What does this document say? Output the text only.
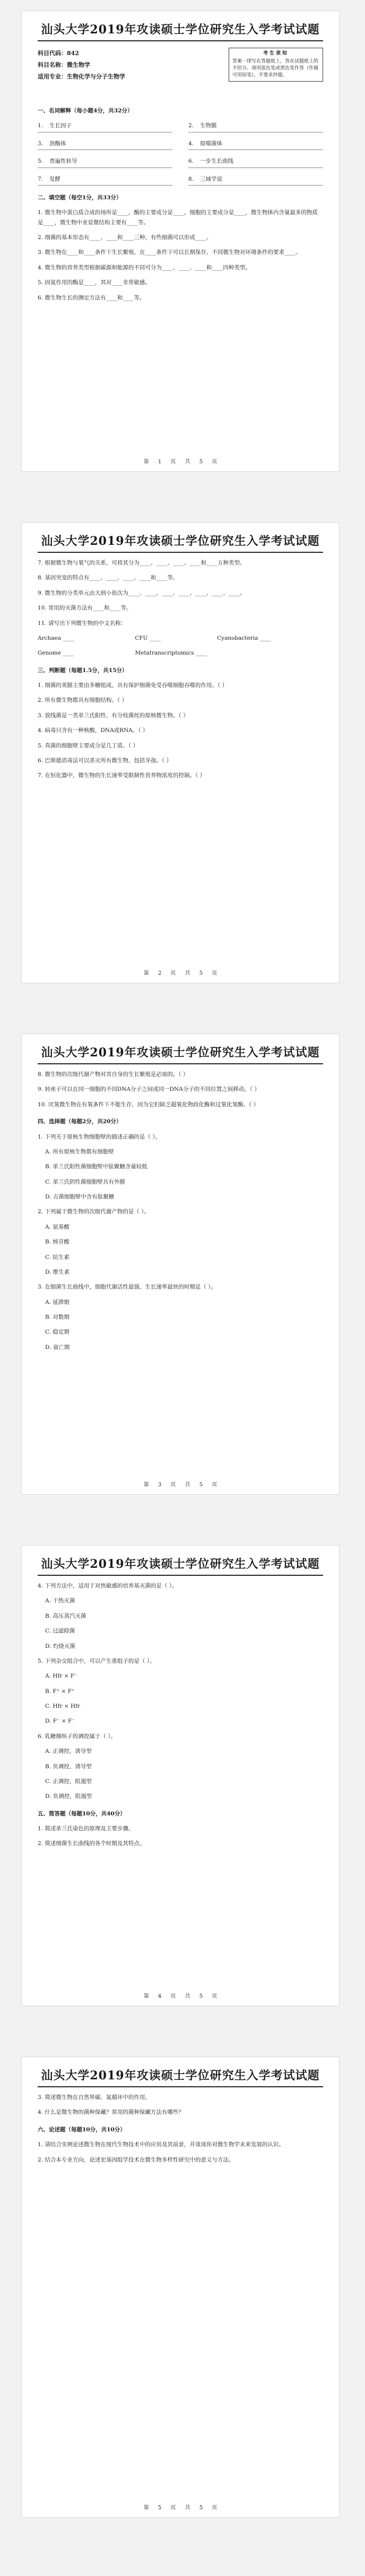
汕头大学2019年攻读硕士学位研究生入学考试试题
科目代码：842
科目名称：微生物学
适用专业：生物化学与分子生物学
考生须知
答案一律写在答题纸上，答在试题纸上的不给分。请用蓝色笔或黑色笔作答（作图可用铅笔），不要求抄题。
一、名词解释（每小题4分，共32分）
1. 生长因子	2. 生物膜
3. 溶酶体	4. 原噬菌体
5. 普遍性转导	6. 一步生长曲线
7. 发酵	8. 三域学说
二、填空题（每空1分，共33分）

1. 微生物中蛋白质合成的场所是____，酶的主要成分是____，细胞的主要成分是____，微生物体内含量最多的物质是____，微生物中亚显微结构主要有____等。

2. 细菌的基本形态有____、____和____三种，有些细菌可以形成____。

3. 微生物在____和____条件下生长繁殖，在____条件下可以长期保存，不同微生物对环境条件的要求____。

4. 微生物的营养类型根据碳源和能源的不同可分为____、____、____和____四种类型。

5. 固氮作用的酶是____，其对____非常敏感。

6. 微生物生长的测定方法有____和____等。

第 1 页 共 5 页
汕头大学2019年攻读硕士学位研究生入学考试试题

7. 根据微生物与氧气的关系，可将其分为____、____、____、____和____五种类型。

8. 基因突变的特点有____、____、____、____和____等。

9. 微生物的分类单元由大到小依次为____、____、____、____、____、____、____。

10. 常用的灭菌方法有____和____等。

11. 请写出下列微生物的中文名称：

Archaea ____	CFU ____	Cyanobacteria ____
Genome ____	Metatranscriptomics ____
三、判断题（每题1.5分，共15分）

1. 细菌的荚膜主要由多糖组成，具有保护细菌免受吞噬细胞吞噬的作用。（ ）

2. 所有微生物都具有细胞结构。（ ）

3. 放线菌是一类革兰氏阳性、有分枝菌丝的原核微生物。（ ）

4. 病毒只含有一种核酸，DNA或RNA。（ ）

5. 真菌的细胞壁主要成分是几丁质。（ ）

6. 巴斯德消毒法可以杀灭所有微生物，包括芽孢。（ ）

7. 在恒化器中，微生物的生长速率受限制性营养物浓度的控制。（ ）

第 2 页 共 5 页
汕头大学2019年攻读硕士学位研究生入学考试试题

8. 微生物的次级代谢产物对其自身的生长繁殖是必需的。（ ）

9. 转座子可以在同一细胞的不同DNA分子之间或同一DNA分子的不同位置之间移动。（ ）

10. 厌氧微生物在有氧条件下不能生存，因为它们缺乏超氧化物歧化酶和过氧化氢酶。（ ）

四、选择题（每题2分，共20分）

1. 下列关于原核生物细胞壁的描述正确的是（ ）。

A. 所有原核生物都有细胞壁
B. 革兰氏阳性菌细胞壁中肽聚糖含量较低
C. 革兰氏阴性菌细胞壁具有外膜
D. 古菌细胞壁中含有肽聚糖

2. 下列属于微生物的次级代谢产物的是（ ）。

A. 氨基酸
B. 核苷酸
C. 抗生素
D. 维生素

3. 在细菌生长曲线中，细胞代谢活性最强、生长速率最快的时期是（ ）。

A. 延滞期
B. 对数期
C. 稳定期
D. 衰亡期
第 3 页 共 5 页
汕头大学2019年攻读硕士学位研究生入学考试试题

4. 下列方法中，适用于对热敏感的培养基灭菌的是（ ）。

A. 干热灭菌
B. 高压蒸汽灭菌
C. 过滤除菌
D. 灼烧灭菌

5. 下列杂交组合中，可以产生重组子的是（ ）。

A. Hfr × F⁻
B. F⁺ × F⁺
C. Hfr × Hfr
D. F⁻ × F⁻

6. 乳糖操纵子的调控属于（ ）。

A. 正调控，诱导型
B. 负调控，诱导型
C. 正调控，阻遏型
D. 负调控，阻遏型
五、简答题（每题10分，共40分）

1. 简述革兰氏染色的原理及主要步骤。

2. 简述细菌生长曲线的各个时期及其特点。

第 4 页 共 5 页
汕头大学2019年攻读硕士学位研究生入学考试试题

3. 简述微生物在自然界碳、氮循环中的作用。

4. 什么是微生物的菌种保藏？常用的菌种保藏方法有哪些？

六、论述题（每题10分，共10分）

1. 请结合实例论述微生物在现代生物技术中的应用及其前景，并谈谈你对微生物学未来发展的认识。

2. 结合本专业方向，论述宏基因组学技术在微生物多样性研究中的意义与方法。

第 5 页 共 5 页
